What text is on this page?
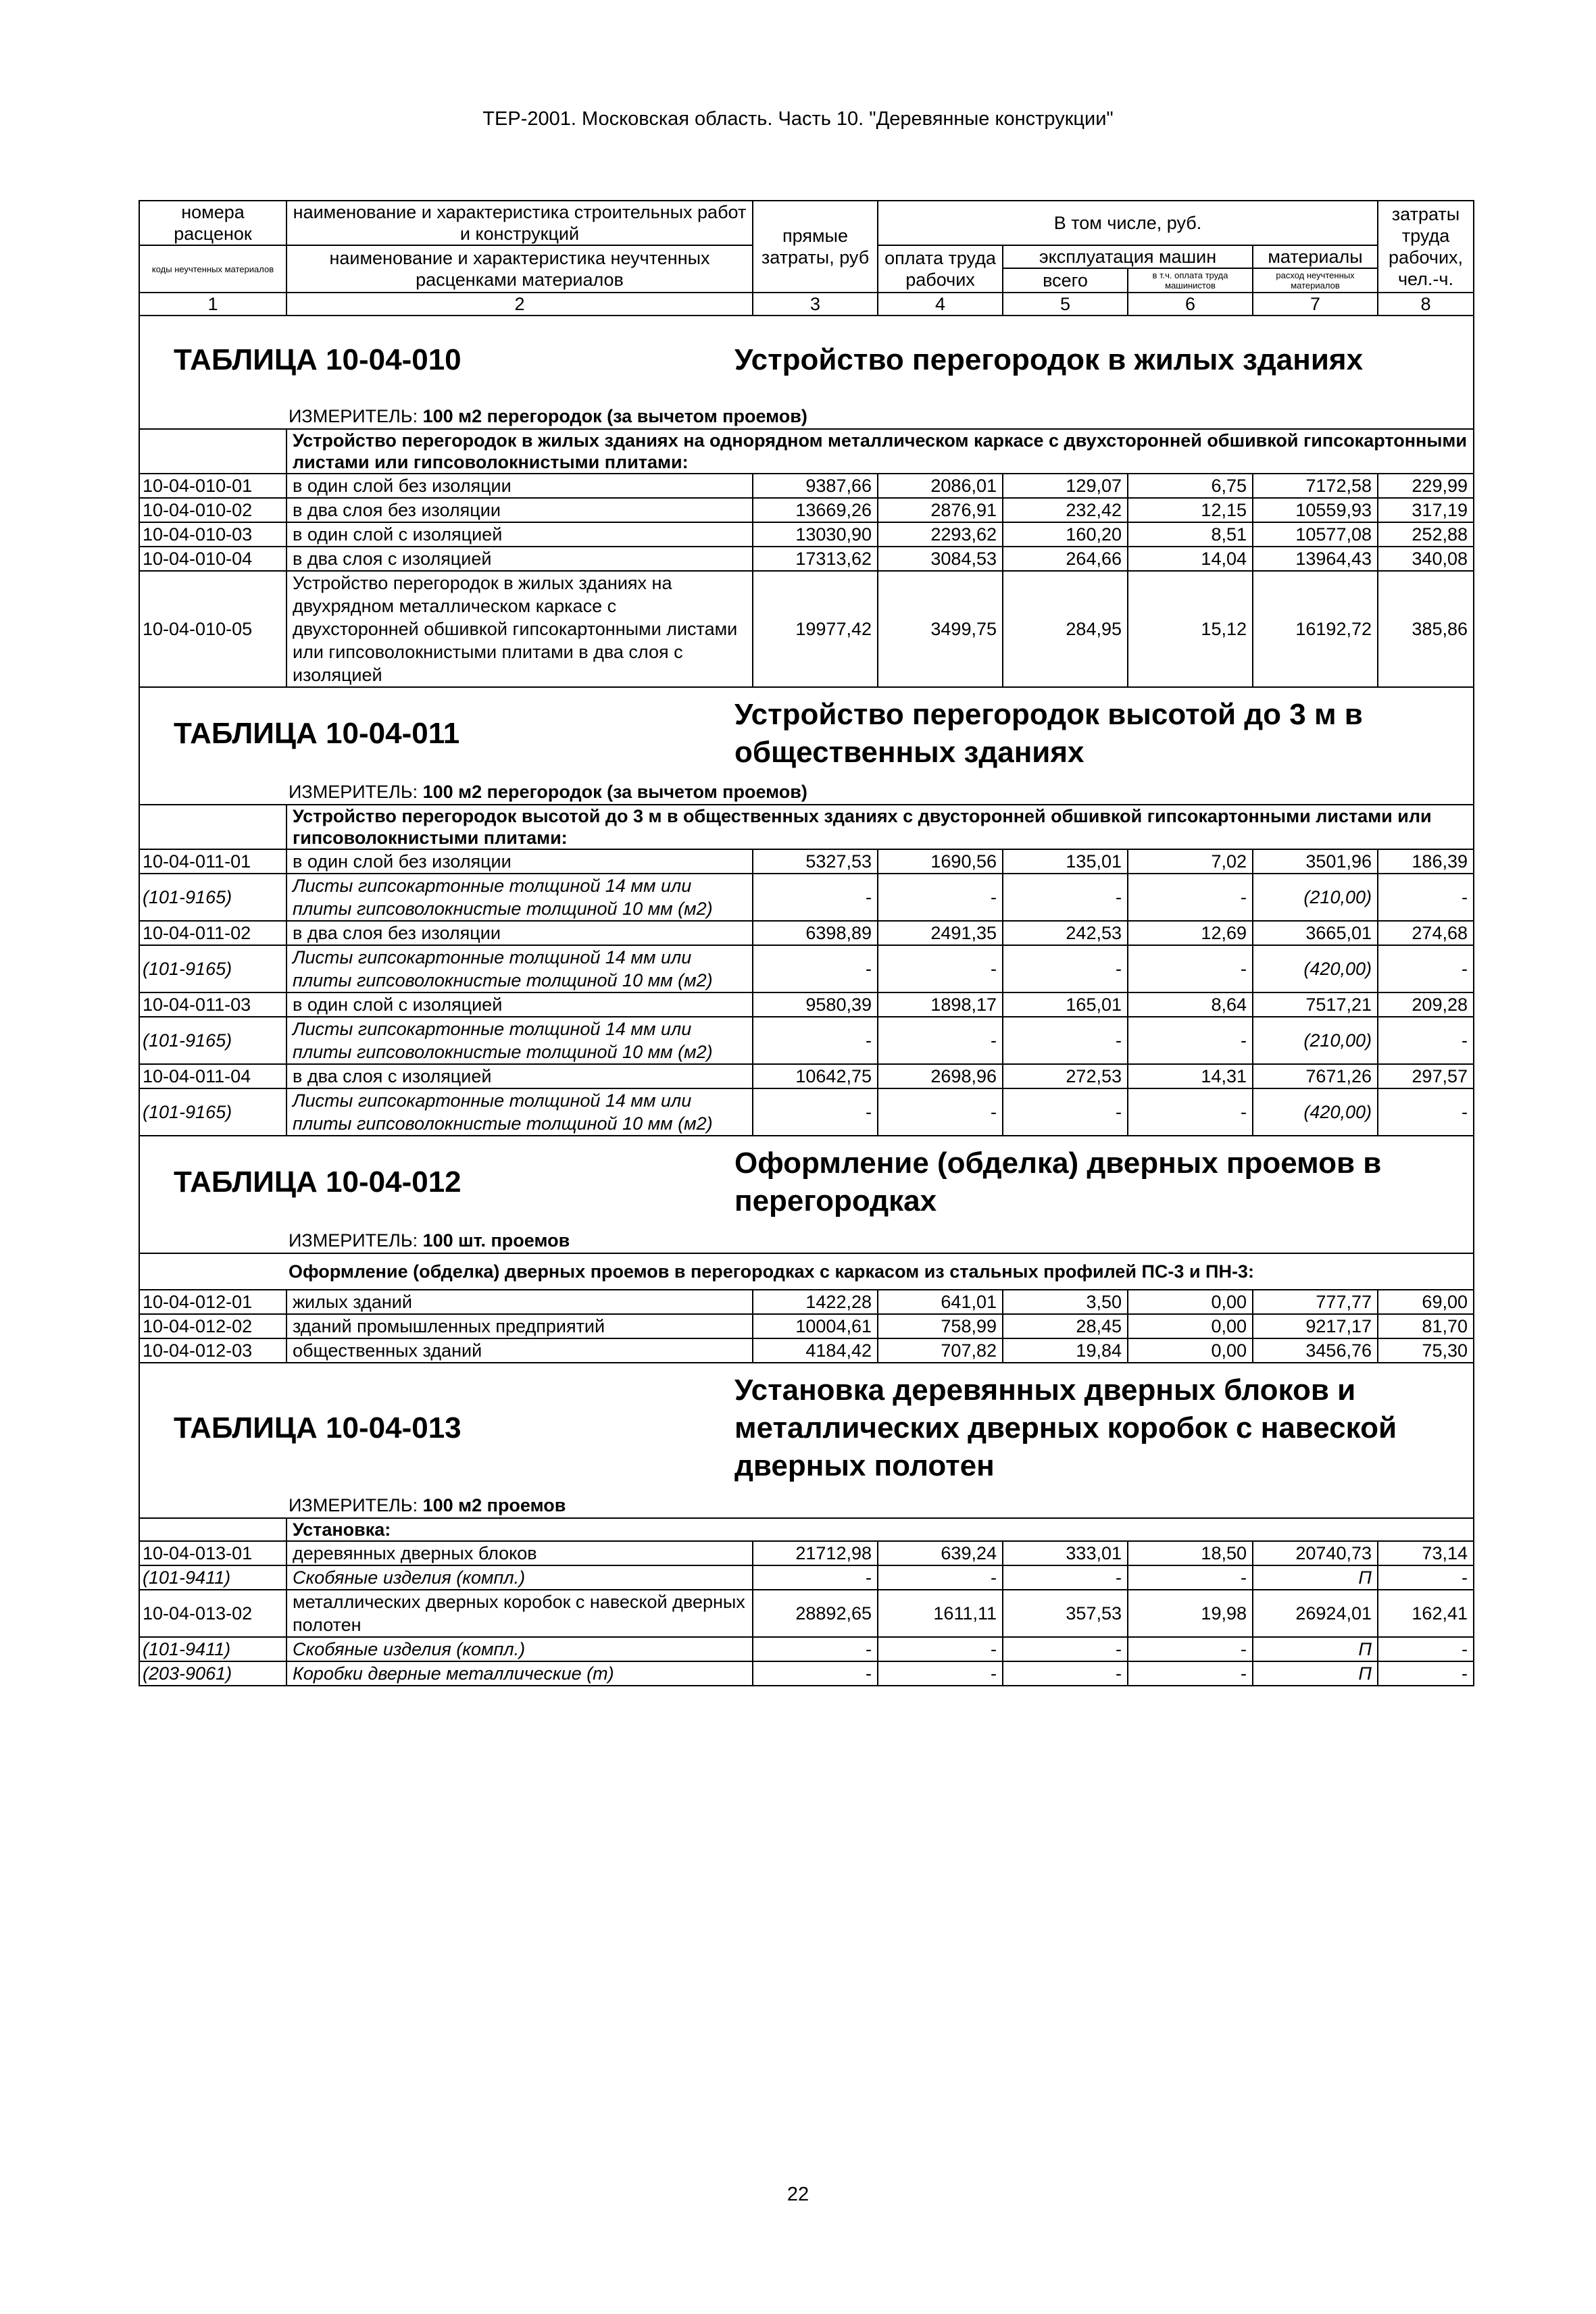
ТЕР-2001. Московская область. Часть 10. "Деревянные конструкции"
номера расценок	наименование и характеристика строительных работ и конструкций	прямые затраты, руб	В том числе, руб.				затраты труда рабочих, чел.-ч.
коды неучтенных материалов	наименование и характеристика неучтенных расценками материалов		оплата труда рабочих	эксплуатация машин		материалы	
				всего	в т.ч. оплата труда машинистов	расход неучтенных материалов	
1	2	3	4	5	6	7	8

ТАБЛИЦА 10-04-010 Устройство перегородок в жилых зданиях							

ИЗМЕРИТЕЛЬ: 100 м2 перегородок (за вычетом проемов)							
	Устройство перегородок в жилых зданиях на однорядном металлическом каркасе с двухсторонней обшивкой гипсокартонными листами или гипсоволокнистыми плитами:						
10-04-010-01	в один слой без изоляции	9387,66	2086,01	129,07	6,75	7172,58	229,99
10-04-010-02	в два слоя без изоляции	13669,26	2876,91	232,42	12,15	10559,93	317,19
10-04-010-03	в один слой с изоляцией	13030,90	2293,62	160,20	8,51	10577,08	252,88
10-04-010-04	в два слоя с изоляцией	17313,62	3084,53	264,66	14,04	13964,43	340,08
10-04-010-05	Устройство перегородок в жилых зданиях на двухрядном металлическом каркасе с двухсторонней обшивкой гипсокартонными листами или гипсоволокнистыми плитами в два слоя с изоляцией	19977,42	3499,75	284,95	15,12	16192,72	385,86

ТАБЛИЦА 10-04-011
Устройство перегородок высотой до 3 м в общественных зданиях							

ИЗМЕРИТЕЛЬ: 100 м2 перегородок (за вычетом проемов)							
	Устройство перегородок высотой до 3 м в общественных зданиях с двусторонней обшивкой гипсокартонными листами или гипсоволокнистыми плитами:						
10-04-011-01	в один слой без изоляции	5327,53	1690,56	135,01	7,02	3501,96	186,39
(101-9165)	Листы гипсокартонные толщиной 14 мм или плиты гипсоволокнистые толщиной 10 мм (м2)	-	-	-	-	(210,00)	-
10-04-011-02	в два слоя без изоляции	6398,89	2491,35	242,53	12,69	3665,01	274,68
(101-9165)	Листы гипсокартонные толщиной 14 мм или плиты гипсоволокнистые толщиной 10 мм (м2)	-	-	-	-	(420,00)	-
10-04-011-03	в один слой с изоляцией	9580,39	1898,17	165,01	8,64	7517,21	209,28
(101-9165)	Листы гипсокартонные толщиной 14 мм или плиты гипсоволокнистые толщиной 10 мм (м2)	-	-	-	-	(210,00)	-
10-04-011-04	в два слоя с изоляцией	10642,75	2698,96	272,53	14,31	7671,26	297,57
(101-9165)	Листы гипсокартонные толщиной 14 мм или плиты гипсоволокнистые толщиной 10 мм (м2)	-	-	-	-	(420,00)	-

ТАБЛИЦА 10-04-012
Оформление (обделка) дверных проемов в перегородках							

ИЗМЕРИТЕЛЬ: 100 шт. проемов							
Оформление (обделка) дверных проемов в перегородках с каркасом из стальных профилей ПС-3 и ПН-3:							
10-04-012-01	жилых зданий	1422,28	641,01	3,50	0,00	777,77	69,00
10-04-012-02	зданий промышленных предприятий	10004,61	758,99	28,45	0,00	9217,17	81,70
10-04-012-03	общественных зданий	4184,42	707,82	19,84	0,00	3456,76	75,30

ТАБЛИЦА 10-04-013
Установка деревянных дверных блоков и металлических дверных коробок с навеской дверных полотен							

ИЗМЕРИТЕЛЬ: 100 м2 проемов							
	Установка:						
10-04-013-01	деревянных дверных блоков	21712,98	639,24	333,01	18,50	20740,73	73,14
(101-9411)	Скобяные изделия (компл.)	-	-	-	-	П	-
10-04-013-02	металлических дверных коробок с навеской дверных полотен	28892,65	1611,11	357,53	19,98	26924,01	162,41
(101-9411)	Скобяные изделия (компл.)	-	-	-	-	П	-
(203-9061)	Коробки дверные металлические (т)	-	-	-	-	П	-
22
